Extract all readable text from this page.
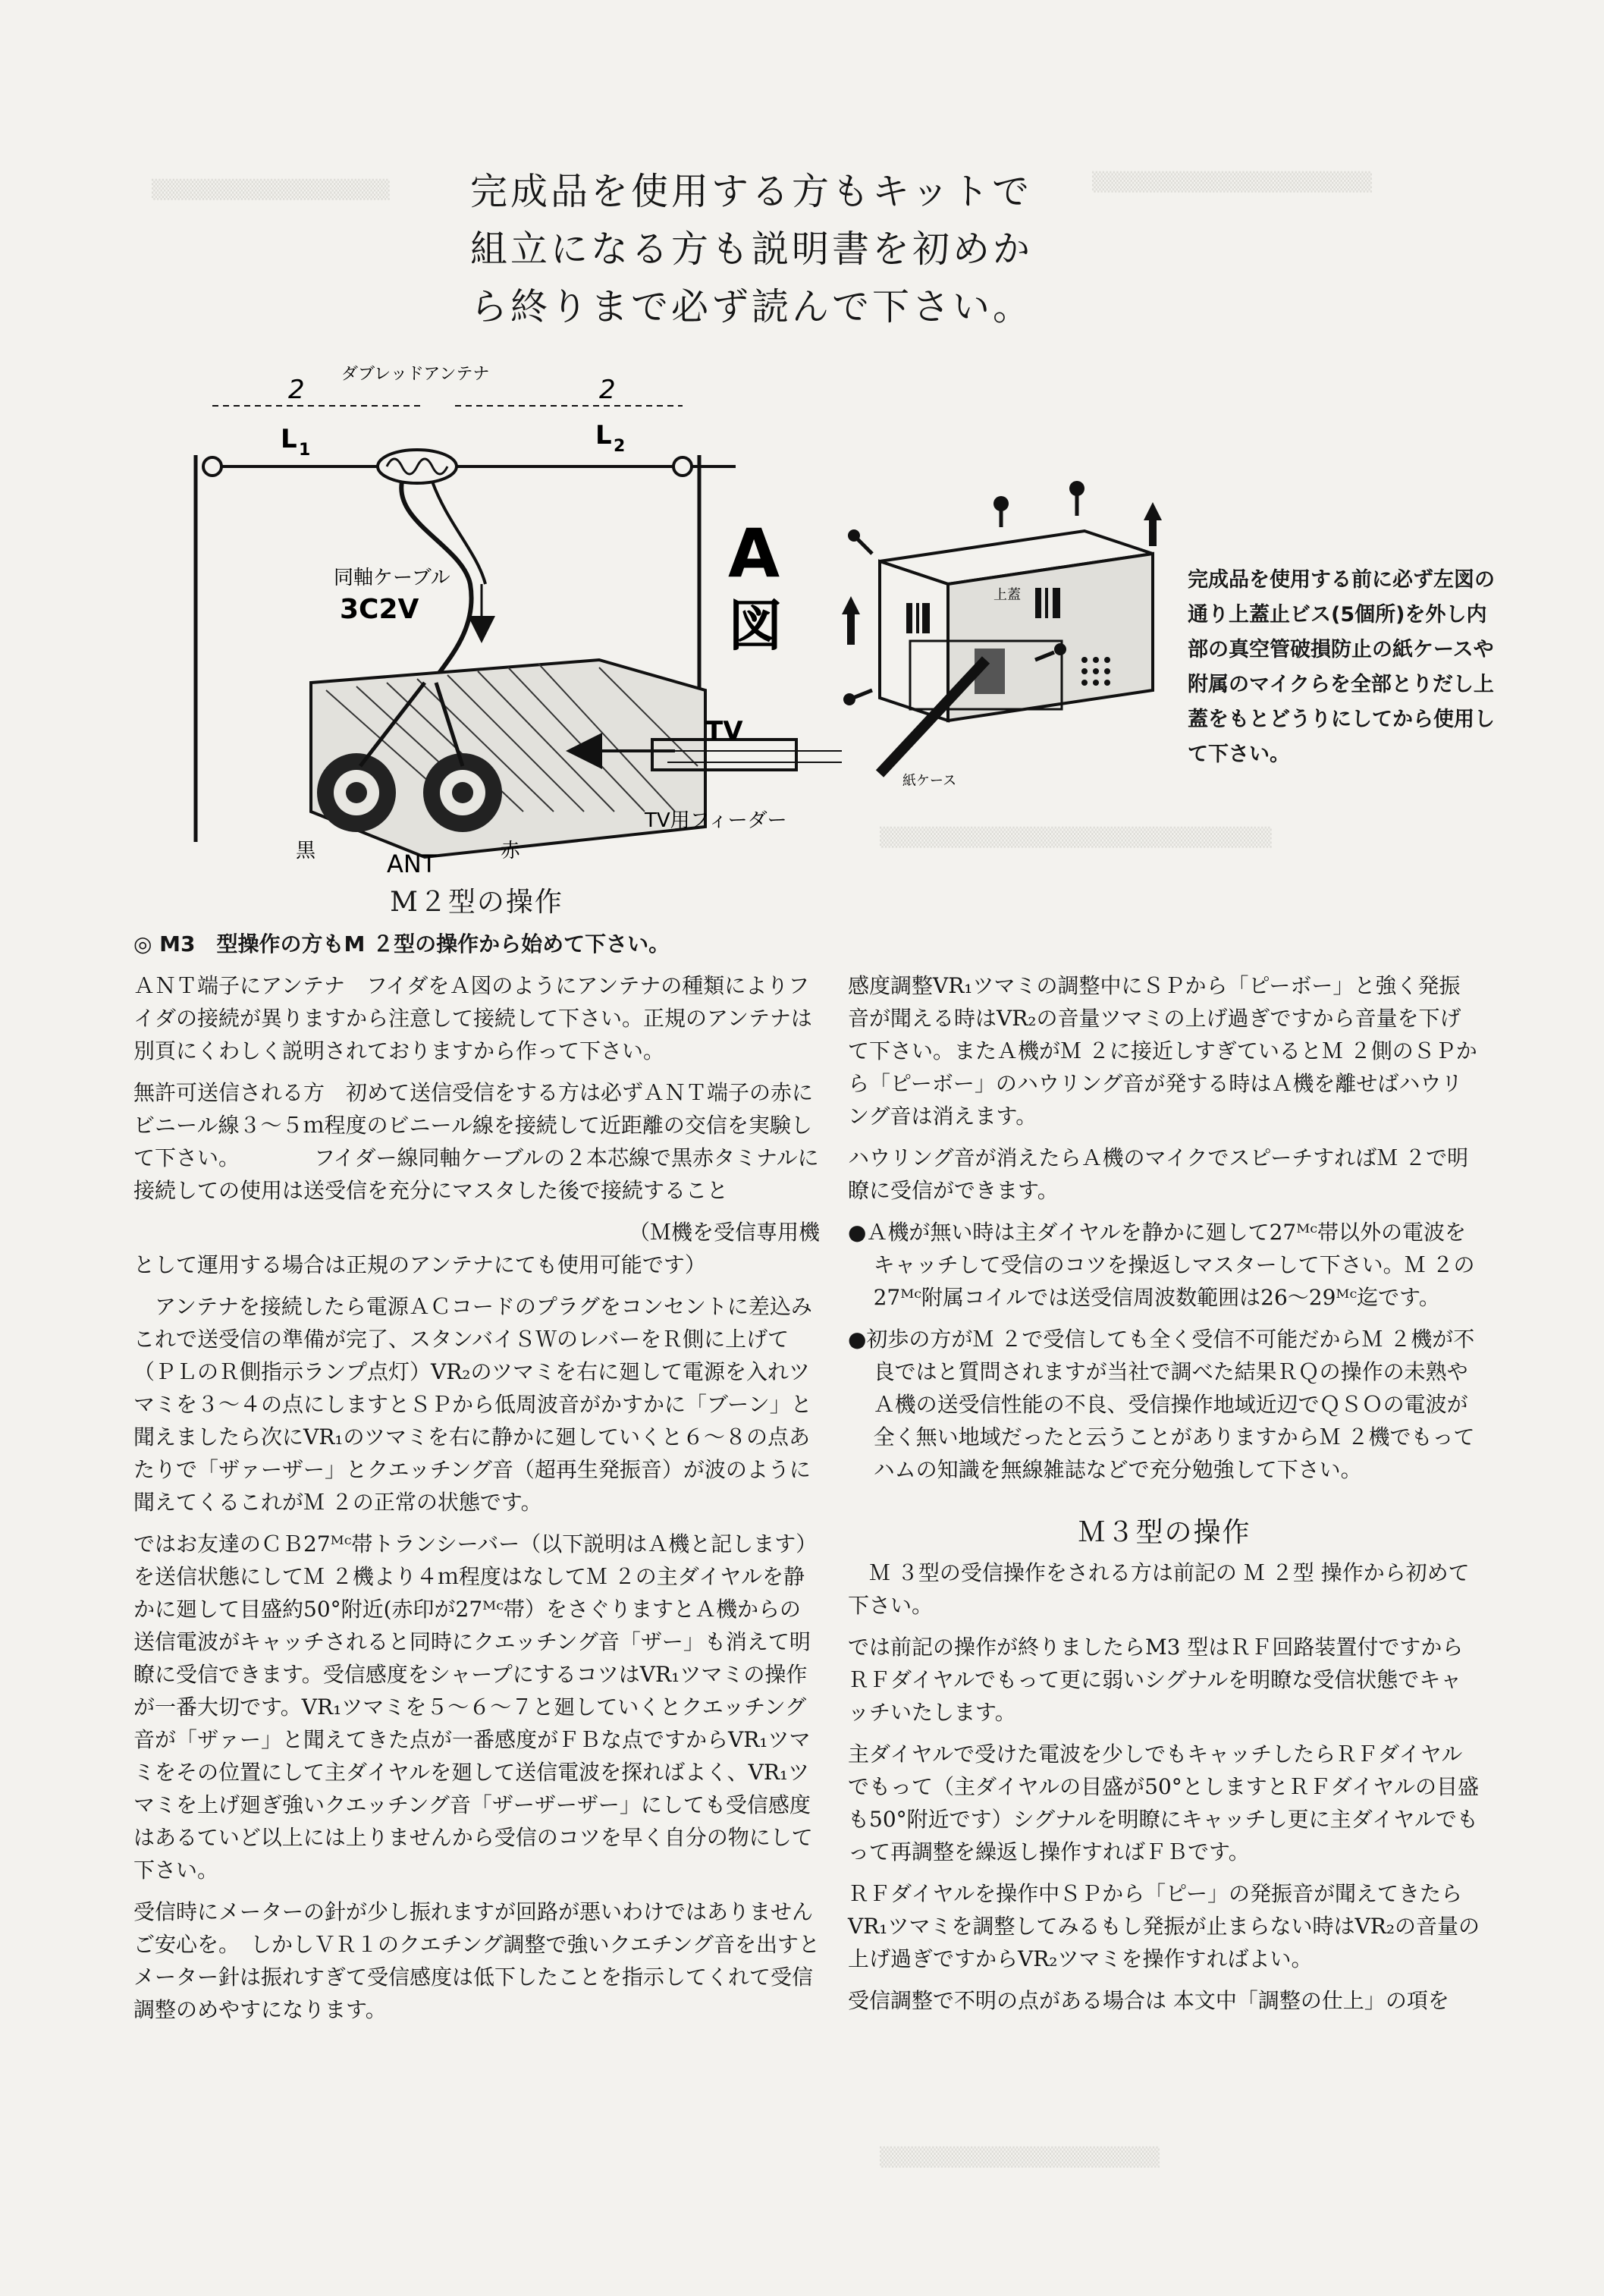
▒▒▒▒▒▒▒▒▒▒▒▒▒▒▒▒▒	▒▒▒▒▒▒▒▒▒▒▒▒▒▒▒▒▒▒▒▒
▒▒▒▒▒▒▒▒▒▒▒▒▒▒▒▒▒▒▒▒▒▒▒▒▒▒▒▒
▒▒▒▒▒▒▒▒▒▒▒▒▒▒▒▒▒▒▒▒
完成品を使用する方もキットで
組立になる方も説明書を初めか
ら終りまで必ず読んで下さい。
2	2
L 1	L 2
ダブレッドアンテナ
同軸ケーブル
3C2V
A
図
黒	赤
ANT
TV
TV用フィーダー
上蓋
紙ケース
完成品を使用する前に必ず左図の通り上蓋止ビス(5個所)を外し内部の真空管破損防止の紙ケースや附属のマイクらを全部とりだし上蓋をもとどうりにしてから使用して下さい。

M２型の操作

◎ M3　型操作の方もM ２型の操作から始めて下さい。

ＡＮＴ端子にアンテナ　フイダをＡ図のようにアンテナの種類によりフイダの接続が異りますから注意して接続して下さい。正規のアンテナは別頁にくわしく説明されておりますから作って下さい。

無許可送信される方　初めて送信受信をする方は必ずＡＮＴ端子の赤にビニール線３～５ｍ程度のビニール線を接続して近距離の交信を実験して下さい。　　　　フイダー線同軸ケーブルの２本芯線で黒赤タミナルに接続しての使用は送受信を充分にマスタした後で接続すること

（Ｍ機を受信専用機

として運用する場合は正規のアンテナにても使用可能です）

アンテナを接続したら電源ＡＣコードのプラグをコンセントに差込みこれで送受信の準備が完了、スタンバイＳＷのレバーをＲ側に上げて（ＰＬのＲ側指示ランプ点灯）VR₂のツマミを右に廻して電源を入れツマミを３～４の点にしますとＳＰから低周波音がかすかに「ブーン」と聞えましたら次にVR₁のツマミを右に静かに廻していくと６～８の点あたりで「ザァーザー」とクエッチング音（超再生発振音）が波のように聞えてくるこれがＭ ２の正常の状態です。

ではお友達のＣＢ27ᴹᶜ帯トランシーバー（以下説明はＡ機と記します）を送信状態にしてＭ ２機より４ｍ程度はなしてＭ ２の主ダイヤルを静かに廻して目盛約50°附近(赤印が27ᴹᶜ帯）をさぐりますとＡ機からの送信電波がキャッチされると同時にクエッチング音「ザー」も消えて明瞭に受信できます。受信感度をシャープにするコツはVR₁ツマミの操作が一番大切です。VR₁ツマミを５～６～７と廻していくとクエッチング音が「ザァー」と聞えてきた点が一番感度がＦＢな点ですからVR₁ツマミをその位置にして主ダイヤルを廻して送信電波を探ればよく、VR₁ツマミを上げ廻ぎ強いクエッチング音「ザーザーザー」にしても受信感度はあるていど以上には上りませんから受信のコツを早く自分の物にして下さい。

受信時にメーターの針が少し振れますが回路が悪いわけではありませんご安心を。　しかしＶＲ１のクエチング調整で強いクエチング音を出すとメーター針は振れすぎて受信感度は低下したことを指示してくれて受信調整のめやすになります。

感度調整VR₁ツマミの調整中にＳＰから「ピーボー」と強く発振音が聞える時はVR₂の音量ツマミの上げ過ぎですから音量を下げて下さい。またＡ機がＭ ２に接近しすぎているとＭ ２側のＳＰから「ピーボー」のハウリング音が発する時はＡ機を離せばハウリング音は消えます。

ハウリング音が消えたらＡ機のマイクでスピーチすればＭ ２で明瞭に受信ができます。

●Ａ機が無い時は主ダイヤルを静かに廻して27ᴹᶜ帯以外の電波をキャッチして受信のコツを操返しマスターして下さい。Ｍ ２の27ᴹᶜ附属コイルでは送受信周波数範囲は26～29ᴹᶜ迄です。

●初歩の方がＭ ２で受信しても全く受信不可能だからＭ ２機が不良ではと質問されますが当社で調べた結果ＲＱの操作の未熟やＡ機の送受信性能の不良、受信操作地域近辺でＱＳＯの電波が全く無い地域だったと云うことがありますからＭ ２機でもってハムの知識を無線雑誌などで充分勉強して下さい。

Ｍ３型の操作

Ｍ ３型の受信操作をされる方は前記の Ｍ ２型 操作から初めて下さい。

では前記の操作が終りましたらM3 型はＲＦ回路装置付ですからＲＦダイヤルでもって更に弱いシグナルを明瞭な受信状態でキャッチいたします。

主ダイヤルで受けた電波を少しでもキャッチしたらＲＦダイヤルでもって（主ダイヤルの目盛が50°としますとＲＦダイヤルの目盛も50°附近です）シグナルを明瞭にキャッチし更に主ダイヤルでもって再調整を繰返し操作すればＦＢです。

ＲＦダイヤルを操作中ＳＰから「ピー」の発振音が聞えてきたらVR₁ツマミを調整してみるもし発振が止まらない時はVR₂の音量の上げ過ぎですからVR₂ツマミを操作すればよい。

受信調整で不明の点がある場合は 本文中「調整の仕上」の項を
